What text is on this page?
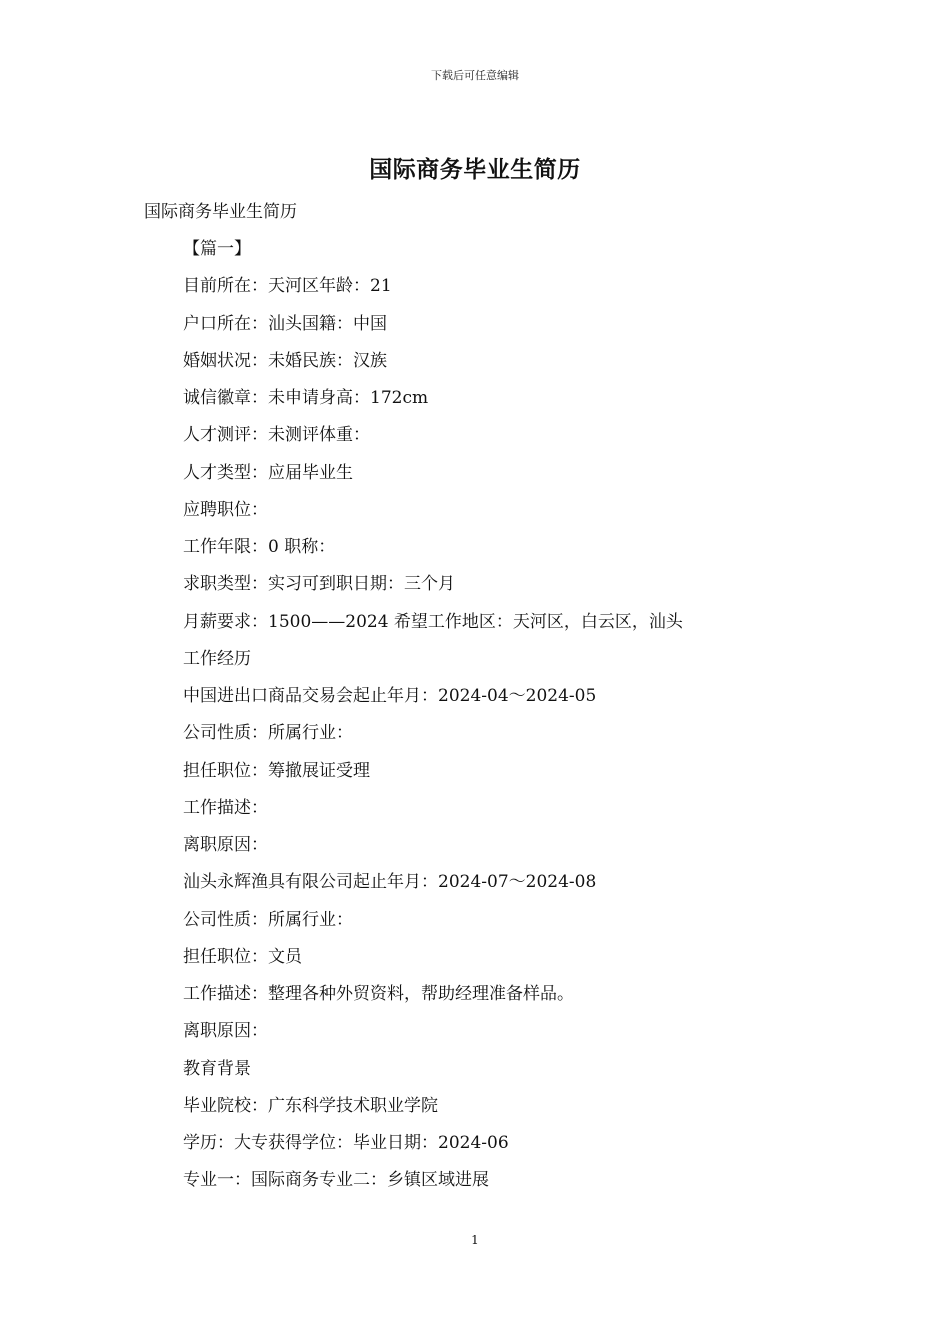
下载后可任意编辑
国际商务毕业生简历
国际商务毕业生简历
【篇一】
目前所在：天河区年龄：21
户口所在：汕头国籍：中国
婚姻状况：未婚民族：汉族
诚信徽章：未申请身高：172cm
人才测评：未测评体重：
人才类型：应届毕业生
应聘职位：
工作年限：0 职称：
求职类型：实习可到职日期：三个月
月薪要求：1500——2024 希望工作地区：天河区，白云区，汕头
工作经历
中国进出口商品交易会起止年月：2024-04～2024-05
公司性质：所属行业：
担任职位：筹撤展证受理
工作描述：
离职原因：
汕头永辉渔具有限公司起止年月：2024-07～2024-08
公司性质：所属行业：
担任职位：文员
工作描述：整理各种外贸资料，帮助经理准备样品。
离职原因：
教育背景
毕业院校：广东科学技术职业学院
学历：大专获得学位：毕业日期：2024-06
专业一：国际商务专业二：乡镇区域进展
1
